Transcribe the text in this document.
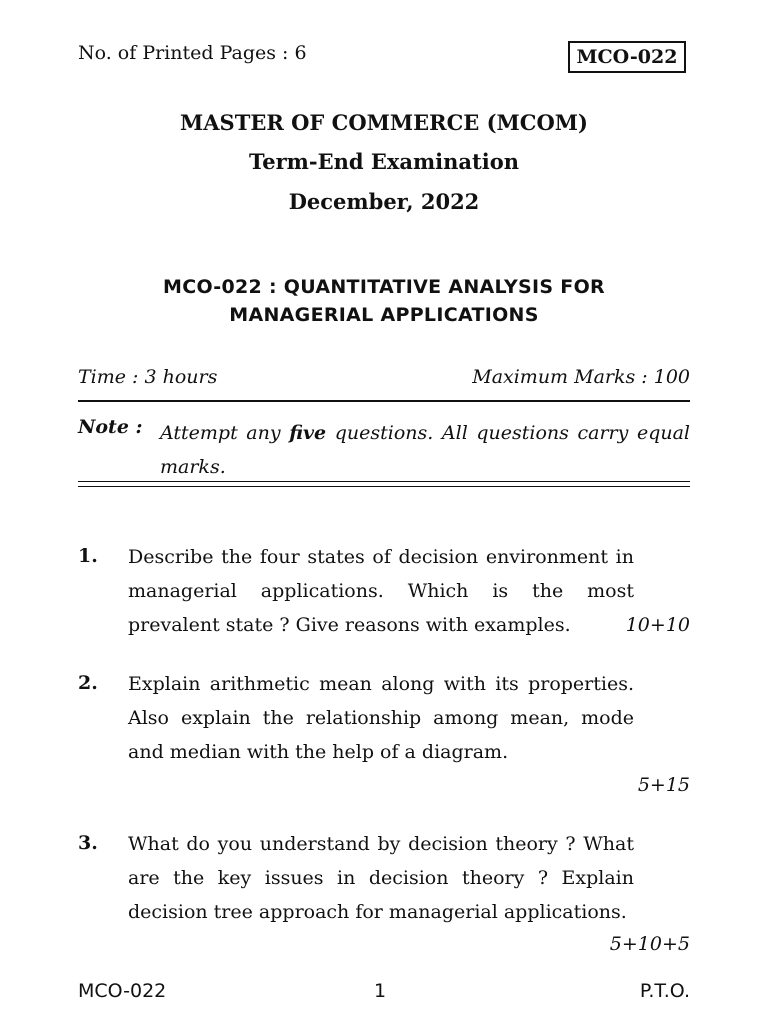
No. of Printed Pages : 6	MCO-022
MASTER OF COMMERCE (MCOM)
Term-End Examination
December, 2022
MCO-022 : QUANTITATIVE ANALYSIS FOR
MANAGERIAL APPLICATIONS
Time : 3 hours	Maximum Marks : 100
Note : Attempt any five questions. All questions carry equal marks.
1. Describe the four states of decision environment in managerial applications. Which is the most prevalent state ? Give reasons with examples.	10+10
2. Explain arithmetic mean along with its properties. Also explain the relationship among mean, mode and median with the help of a diagram.
5+15
3. What do you understand by decision theory ? What are the key issues in decision theory ? Explain decision tree approach for managerial applications.
5+10+5
MCO-022	1	P.T.O.
